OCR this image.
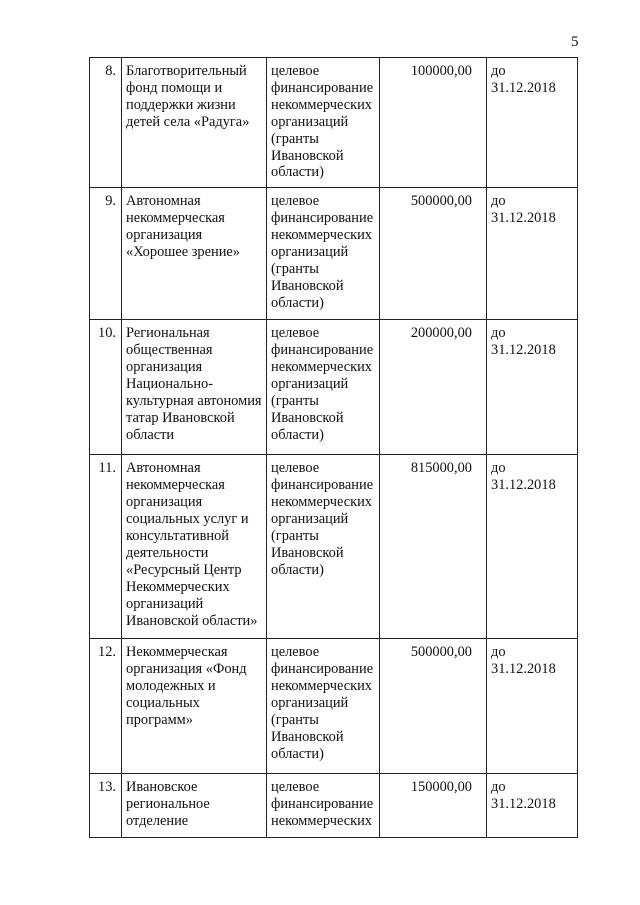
5
8.	Благотворительный фонд помощи и поддержки жизни детей села «Радуга»	целевое финансирование некоммерческих организаций (гранты Ивановской области)	100000,00	до 31.12.2018
9.	Автономная некоммерческая организация «Хорошее зрение»	целевое финансирование некоммерческих организаций (гранты Ивановской области)	500000,00	до 31.12.2018
10.	Региональная общественная организация Национально-культурная автономия татар Ивановской области	целевое финансирование некоммерческих организаций (гранты Ивановской области)	200000,00	до 31.12.2018
11.	Автономная некоммерческая организация социальных услуг и консультативной деятельности «Ресурсный Центр Некоммерческих организаций Ивановской области»	целевое финансирование некоммерческих организаций (гранты Ивановской области)	815000,00	до 31.12.2018
12.	Некоммерческая организация «Фонд молодежных и социальных программ»	целевое финансирование некоммерческих организаций (гранты Ивановской области)	500000,00	до 31.12.2018
13.	Ивановское региональное отделение	целевое финансирование некоммерческих	150000,00	до 31.12.2018
